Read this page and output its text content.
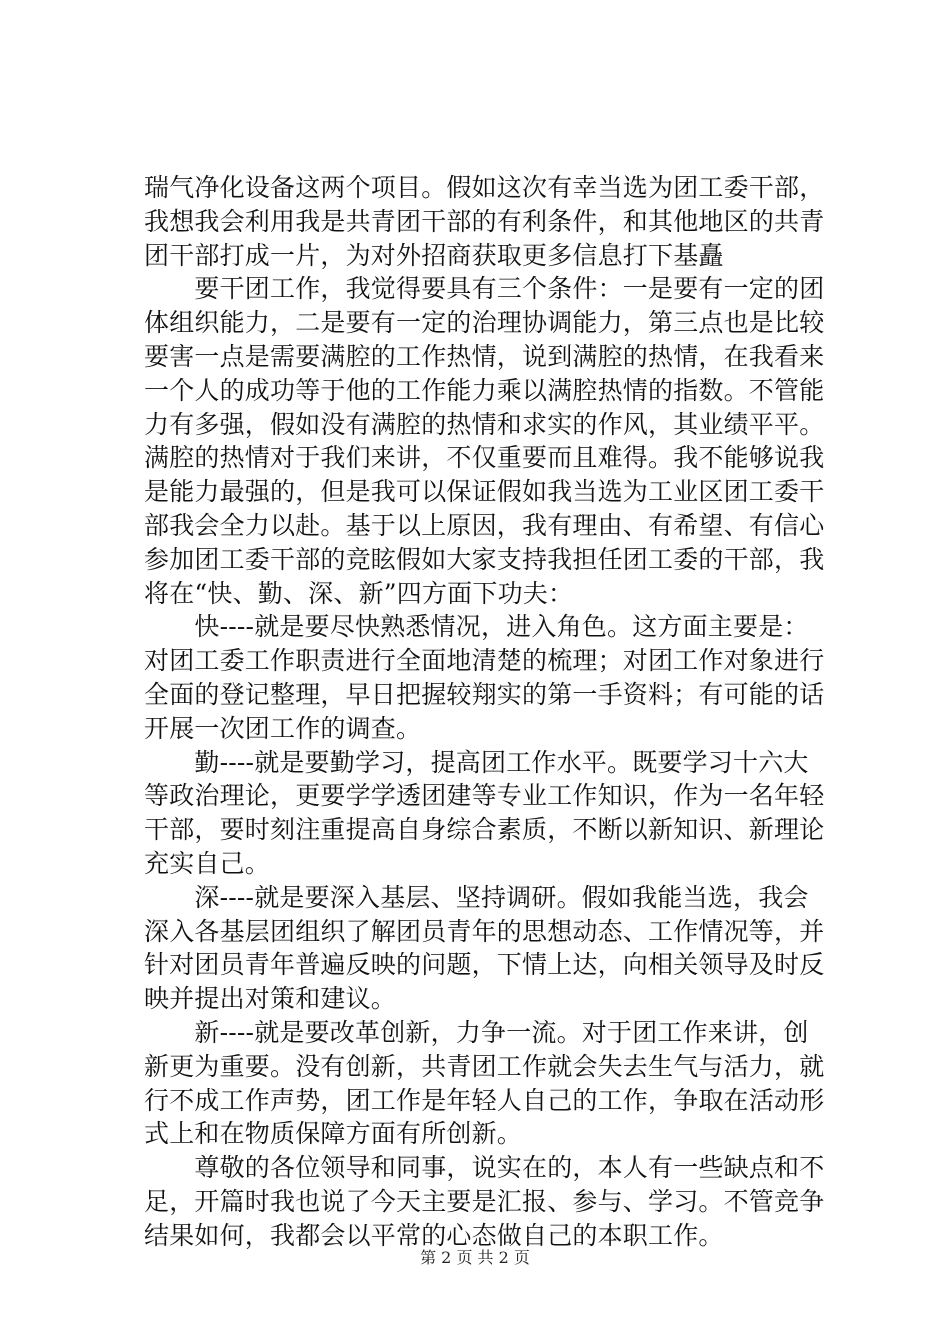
瑞气净化设备这两个项目。假如这次有幸当选为团工委干部，
我想我会利用我是共青团干部的有利条件，和其他地区的共青
团干部打成一片，为对外招商获取更多信息打下基矗
　　要干团工作，我觉得要具有三个条件：一是要有一定的团
体组织能力，二是要有一定的治理协调能力，第三点也是比较
要害一点是需要满腔的工作热情，说到满腔的热情，在我看来
一个人的成功等于他的工作能力乘以满腔热情的指数。不管能
力有多强，假如没有满腔的热情和求实的作风，其业绩平平。
满腔的热情对于我们来讲，不仅重要而且难得。我不能够说我
是能力最强的，但是我可以保证假如我当选为工业区团工委干
部我会全力以赴。基于以上原因，我有理由、有希望、有信心
参加团工委干部的竞眩假如大家支持我担任团工委的干部，我
将在“快、勤、深、新”四方面下功夫：
　　快----就是要尽快熟悉情况，进入角色。这方面主要是：
对团工委工作职责进行全面地清楚的梳理；对团工作对象进行
全面的登记整理，早日把握较翔实的第一手资料；有可能的话
开展一次团工作的调查。
　　勤----就是要勤学习，提高团工作水平。既要学习十六大
等政治理论，更要学学透团建等专业工作知识，作为一名年轻
干部，要时刻注重提高自身综合素质，不断以新知识、新理论
充实自己。
　　深----就是要深入基层、坚持调研。假如我能当选，我会
深入各基层团组织了解团员青年的思想动态、工作情况等，并
针对团员青年普遍反映的问题，下情上达，向相关领导及时反
映并提出对策和建议。
　　新----就是要改革创新，力争一流。对于团工作来讲，创
新更为重要。没有创新，共青团工作就会失去生气与活力，就
行不成工作声势，团工作是年轻人自己的工作，争取在活动形
式上和在物质保障方面有所创新。
　　尊敬的各位领导和同事，说实在的，本人有一些缺点和不
足，开篇时我也说了今天主要是汇报、参与、学习。不管竞争
结果如何，我都会以平常的心态做自己的本职工作。
第 2 页 共 2 页
